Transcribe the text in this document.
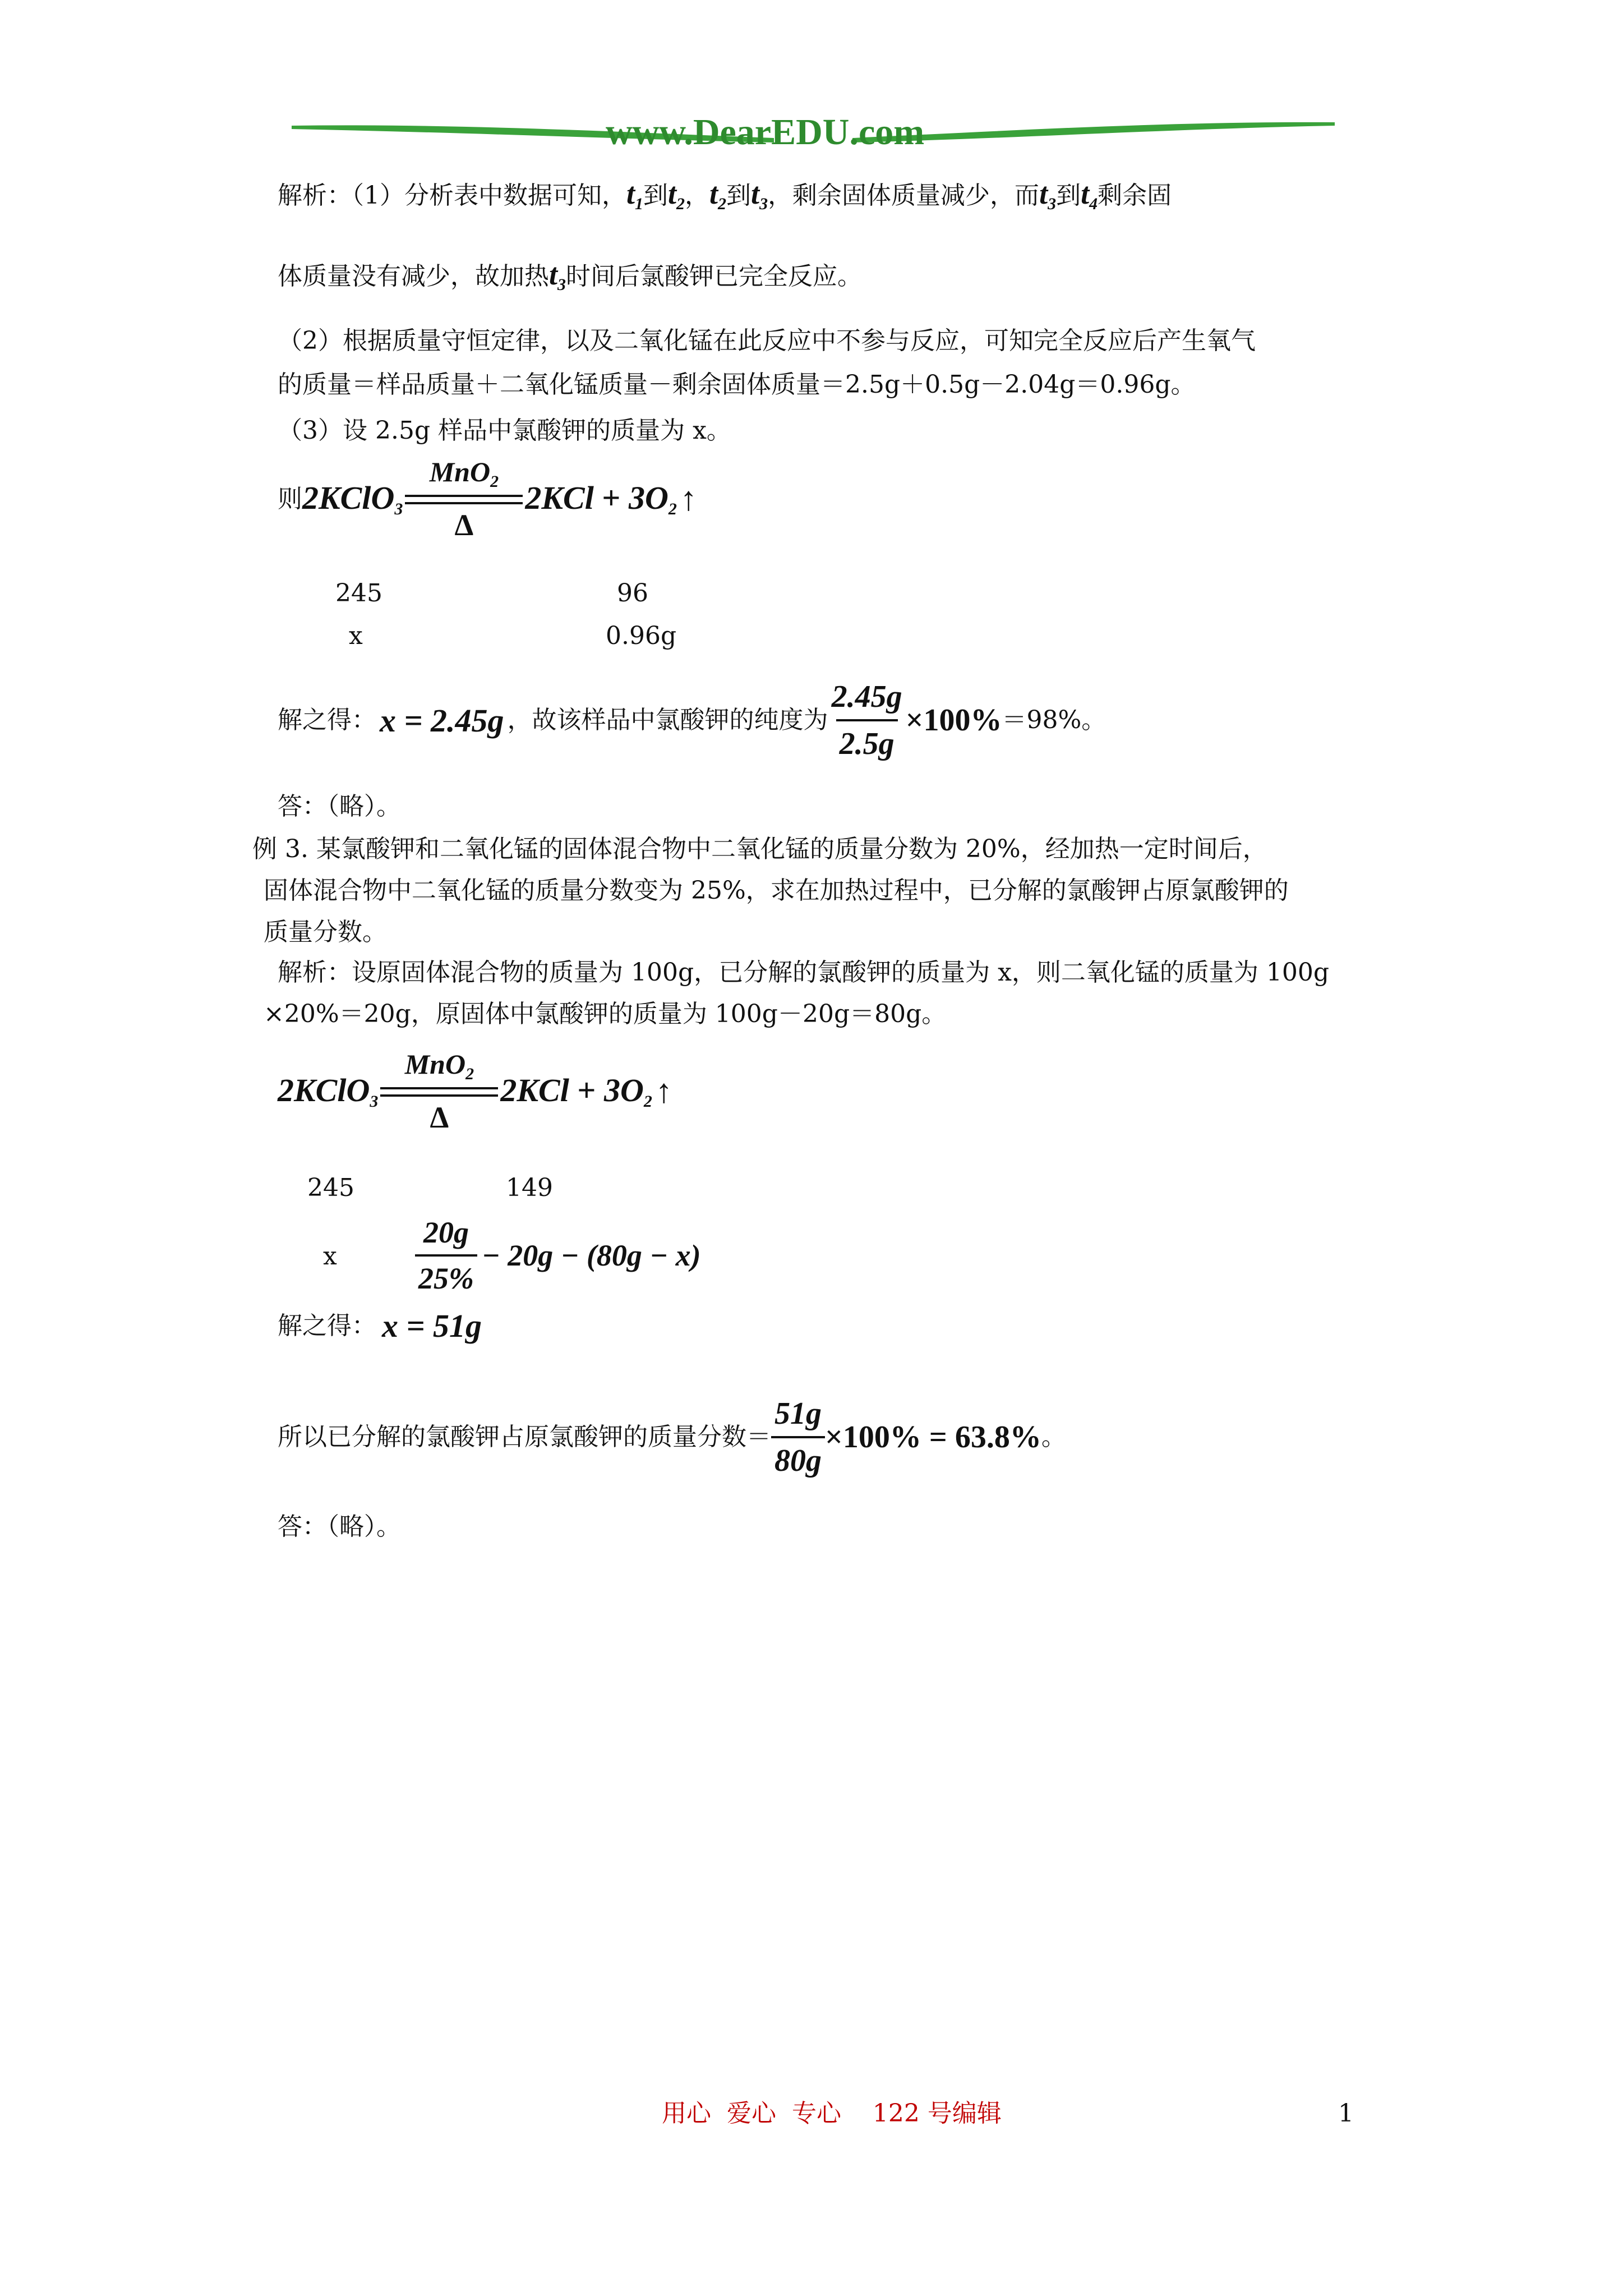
www.DearEDU.com
解析：（1）分析表中数据可知，$t_1$到$t_2$，$t_2$到$t_3$，剩余固体质量减少，而$t_3$到$t_4$剩余固
体质量没有减少，故加热$t_3$时间后氯酸钾已完全反应。
（2）根据质量守恒定律，以及二氧化锰在此反应中不参与反应，可知完全反应后产生氧气
的质量＝样品质量＋二氧化锰质量－剩余固体质量＝2.5g＋0.5g－2.04g＝0.96g。
（3）设 2.5g 样品中氯酸钾的质量为 x。
则 2KClO$_3$
MnO$_2$
Δ
$2KCl + 3O_2$ ↑
245	96
x	0.96g
解之得： x = 2.45g ，故该样品中氯酸钾的纯度为 $\frac{2.45g}{2.5g} \times 100\% =98\%$。
答：（略）。
例 3. 某氯酸钾和二氧化锰的固体混合物中二氧化锰的质量分数为 20%，经加热一定时间后，
固体混合物中二氧化锰的质量分数变为 25%，求在加热过程中，已分解的氯酸钾占原氯酸钾的
质量分数。
解析：设原固体混合物的质量为 100g，已分解的氯酸钾的质量为 x，则二氧化锰的质量为 100g
×20%＝20g，原固体中氯酸钾的质量为 100g－20g＝80g。
2KClO$_3$
MnO$_2$
Δ
$2KCl + 3O_2$ ↑
245	149
x	$\frac{20g}{25\%} - 20g - (80g - x)$
解之得： x = 51g
所以已分解的氯酸钾占原氯酸钾的质量分数＝ $\frac{51g}{80g} \times 100\% = 63.8\%$ 。
答：（略）。
用心  爱心  专心    122 号编辑	1
